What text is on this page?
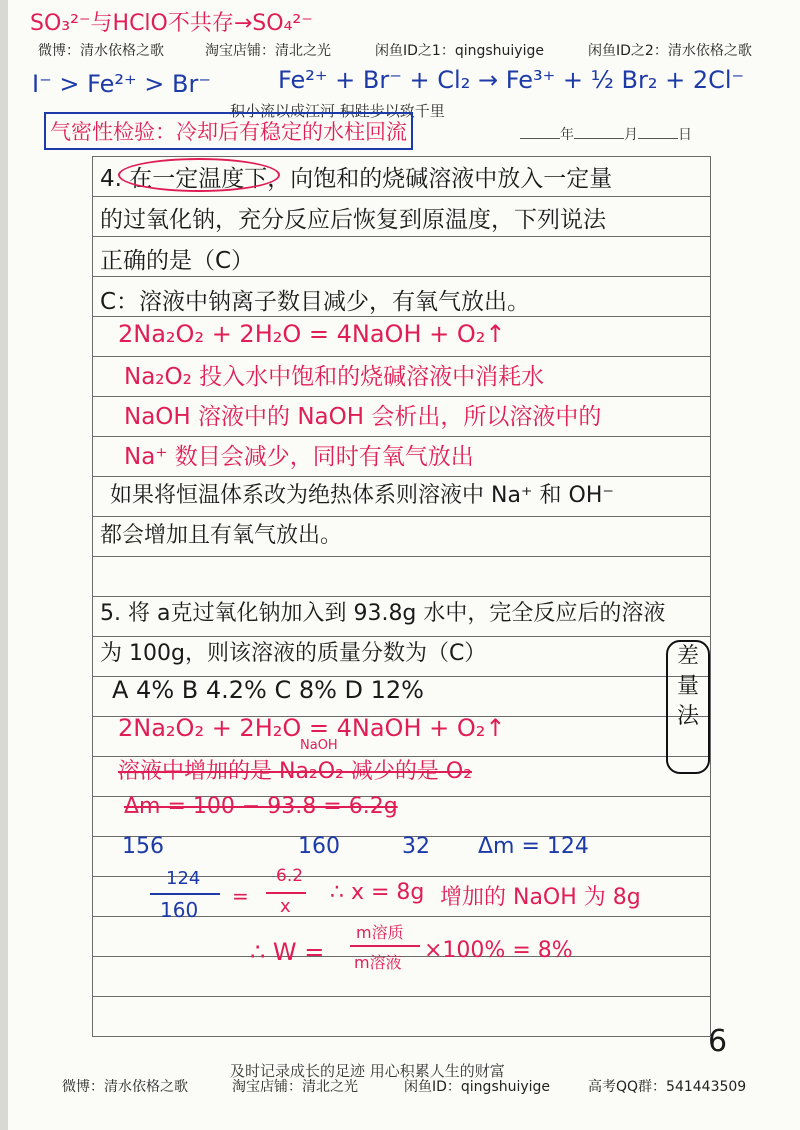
微博：清水依格之歌	淘宝店铺：清北之光	闲鱼ID之1：qingshuiyige	闲鱼ID之2：清水依格之歌
SO₃²⁻与HClO不共存→SO₄²⁻
I⁻ > Fe²⁺ > Br⁻	Fe²⁺ + Br⁻ + Cl₂ → Fe³⁺ + ½ Br₂ + 2Cl⁻
积小流以成江河 积跬步以致千里
气密性检验：冷却后有稳定的水柱回流	年	月	日
4. 在一定温度下，向饱和的烧碱溶液中放入一定量
的过氧化钠，充分反应后恢复到原温度，下列说法
正确的是（C）
C：溶液中钠离子数目减少，有氧气放出。
2Na₂O₂ + 2H₂O = 4NaOH + O₂↑
Na₂O₂ 投入水中饱和的烧碱溶液中消耗水
NaOH 溶液中的 NaOH 会析出，所以溶液中的
Na⁺ 数目会减少，同时有氧气放出
如果将恒温体系改为绝热体系则溶液中 Na⁺ 和 OH⁻
都会增加且有氧气放出。
5. 将 a克过氧化钠加入到 93.8g 水中，完全反应后的溶液
为 100g，则该溶液的质量分数为（C）
A 4% B 4.2% C 8% D 12%
差
量
法
2Na₂O₂ + 2H₂O = 4NaOH + O₂↑
NaOH
溶液中增加的是 Na₂O₂ 减少的是 O₂
Δm = 100 − 93.8 = 6.2g
156	160	32 Δm = 124
124
160
=
6.2
x
∴ x = 8g 增加的 NaOH 为 8g
∴ W =
m溶质
m溶液 ×100% = 8%
6
及时记录成长的足迹 用心积累人生的财富
微博：清水依格之歌	淘宝店铺：清北之光	闲鱼ID：qingshuiyige	高考QQ群：541443509
